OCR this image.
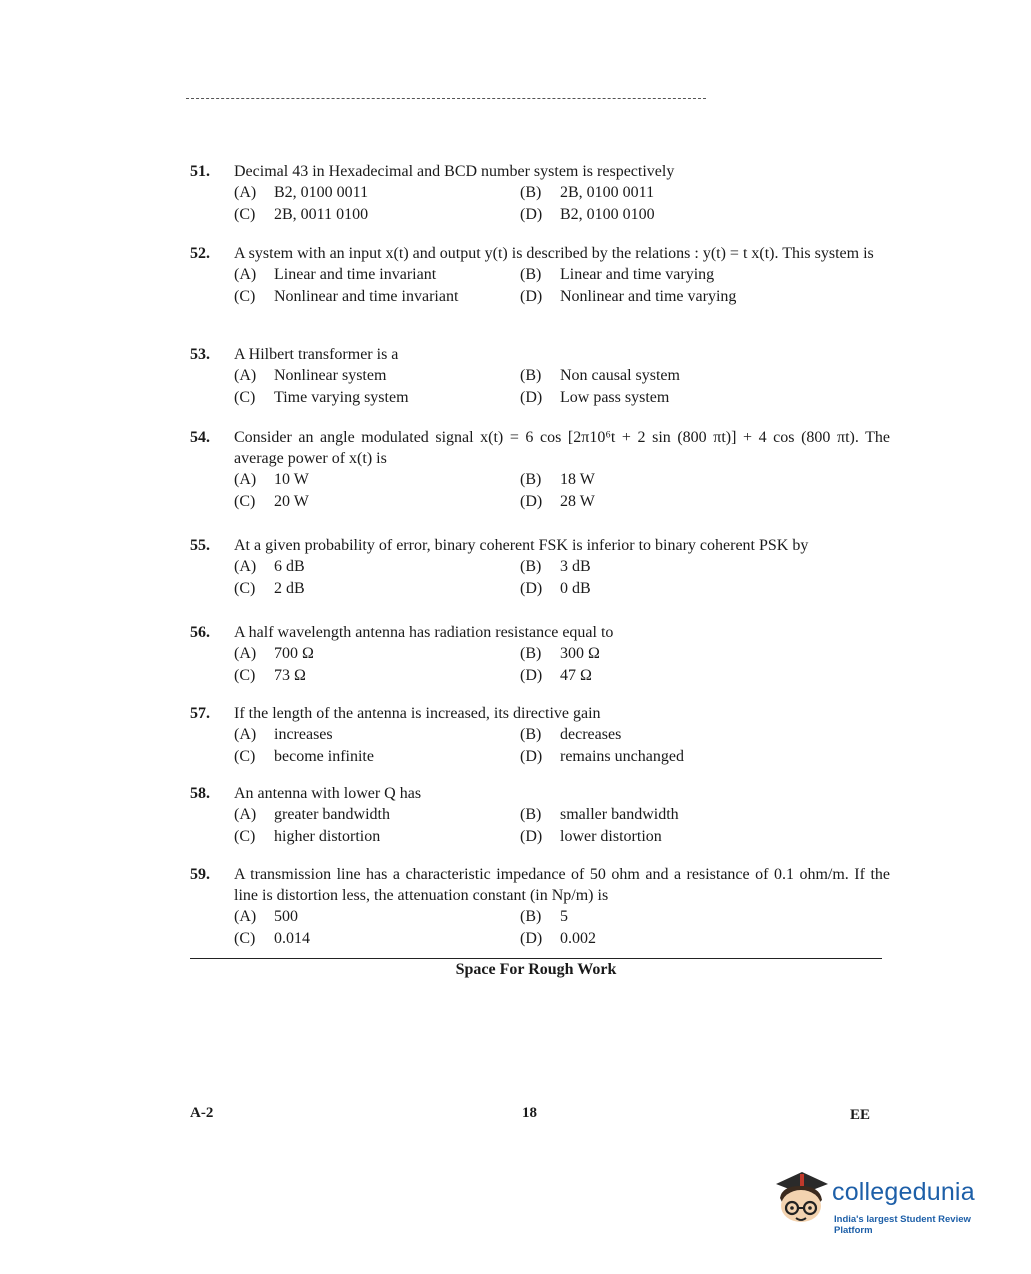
51.	Decimal 43 in Hexadecimal and BCD number system is respectively
(A) B2, 0100 0011	(B) 2B, 0100 0011
(C) 2B, 0011 0100	(D) B2, 0100 0100
52.	A system with an input x(t) and output y(t) is described by the relations : y(t) = t x(t). This system is
(A) Linear and time invariant	(B) Linear and time varying
(C) Nonlinear and time invariant	(D) Nonlinear and time varying
53.	A Hilbert transformer is a
(A) Nonlinear system	(B) Non causal system
(C) Time varying system	(D) Low pass system
54.	Consider an angle modulated signal x(t) = 6 cos [2π10⁶t + 2 sin (800 πt)] + 4 cos (800 πt). The average power of x(t) is
(A) 10 W	(B) 18 W
(C) 20 W	(D) 28 W
55.	At a given probability of error, binary coherent FSK is inferior to binary coherent PSK by
(A) 6 dB	(B) 3 dB
(C) 2 dB	(D) 0 dB
56.	A half wavelength antenna has radiation resistance equal to
(A) 700 Ω	(B) 300 Ω
(C) 73 Ω	(D) 47 Ω
57.	If the length of the antenna is increased, its directive gain
(A) increases	(B) decreases
(C) become infinite	(D) remains unchanged
58.	An antenna with lower Q has
(A) greater bandwidth	(B) smaller bandwidth
(C) higher distortion	(D) lower distortion
59.	A transmission line has a characteristic impedance of 50 ohm and a resistance of 0.1 ohm/m. If the line is distortion less, the attenuation constant (in Np/m) is
(A) 500	(B) 5
(C) 0.014	(D) 0.002
Space For Rough Work
A-2	18	EE
collegedunia
India's largest Student Review Platform
